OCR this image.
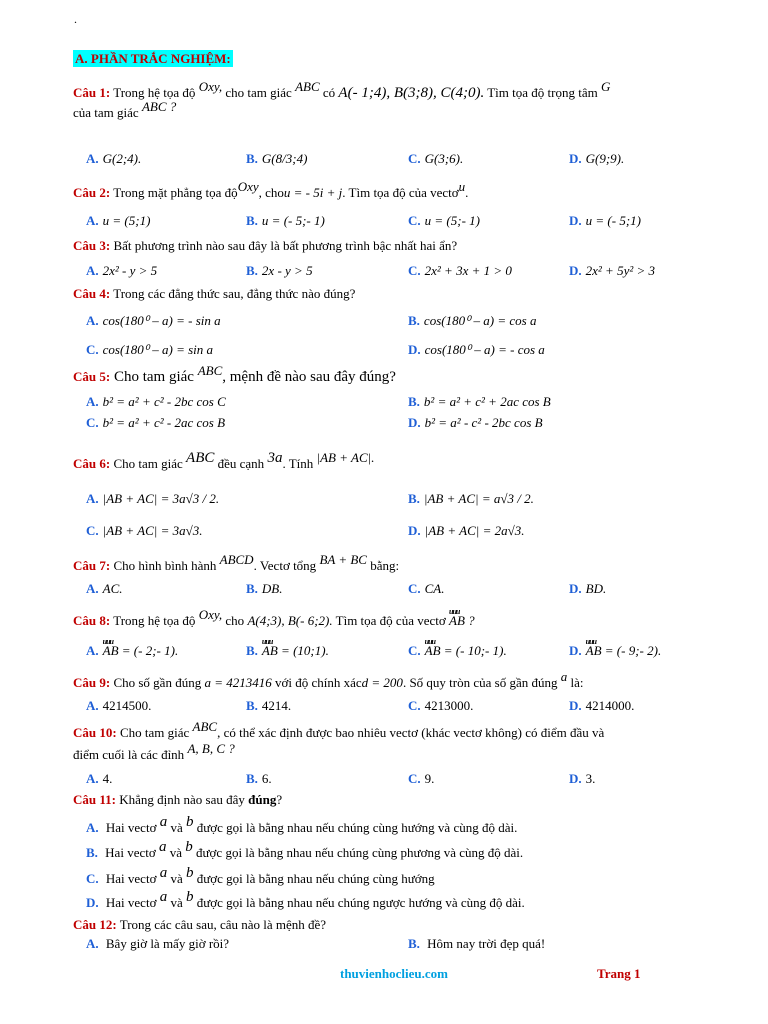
.
A. PHẦN TRẮC NGHIỆM:
Câu 1: Trong hệ tọa độ Oxy, cho tam giác ABC có A(- 1;4), B(3;8), C(4;0). Tìm tọa độ trọng tâm G
của tam giác ABC ?
A. G(2;4).	B. G(8/3;4)	C. G(3;6).	D. G(9;9).
Câu 2: Trong mặt phẳng tọa độOxy, chou = - 5i + j. Tìm tọa độ của vectơu.
A. u = (5;1)	B. u = (- 5;- 1)	C. u = (5;- 1)	D. u = (- 5;1)
Câu 3: Bất phương trình nào sau đây là bất phương trình bậc nhất hai ẩn?
A. 2x² - y > 5	B. 2x - y > 5	C. 2x² + 3x + 1 > 0	D. 2x² + 5y² > 3
Câu 4: Trong các đẳng thức sau, đẳng thức nào đúng?
A. cos(180⁰ – a) = - sin a	B. cos(180⁰ – a) = cos a
C. cos(180⁰ – a) = sin a	D. cos(180⁰ – a) = - cos a
Câu 5: Cho tam giác ABC, mệnh đề nào sau đây đúng?
A. b² = a² + c² - 2bc cos C	B. b² = a² + c² + 2ac cos B
C. b² = a² + c² - 2ac cos B	D. b² = a² - c² - 2bc cos B
Câu 6: Cho tam giác ABC đều cạnh 3a. Tính |AB + AC|.
A. |AB + AC| = 3a√3 / 2.	B. |AB + AC| = a√3 / 2.
C. |AB + AC| = 3a√3.	D. |AB + AC| = 2a√3.
Câu 7: Cho hình bình hành ABCD. Vectơ tổng BA + BC bằng:
A. AC.	B. DB.	C. CA.	D. BD.
Câu 8: Trong hệ tọa độ Oxy, cho A(4;3), B(- 6;2). Tìm tọa độ của vectơ uuu AB ?
A. uuu AB = (- 2;- 1).	B. uuu AB = (10;1).	C. uuu AB = (- 10;- 1).	D. uuu AB = (- 9;- 2).
Câu 9: Cho số gần đúng a = 4213416 với độ chính xácd = 200. Số quy tròn của số gần đúng a là:
A. 4214500.	B. 4214.	C. 4213000.	D. 4214000.
Câu 10: Cho tam giác ABC, có thể xác định được bao nhiêu vectơ (khác vectơ không) có điểm đầu và
điểm cuối là các đỉnh A, B, C ?
A. 4.	B. 6.	C. 9.	D. 3.
Câu 11: Khẳng định nào sau đây đúng?
A. Hai vectơ a và b được gọi là bằng nhau nếu chúng cùng hướng và cùng độ dài.
B. Hai vectơ a và b được gọi là bằng nhau nếu chúng cùng phương và cùng độ dài.
C. Hai vectơ a và b được gọi là bằng nhau nếu chúng cùng hướng
D. Hai vectơ a và b được gọi là bằng nhau nếu chúng ngược hướng và cùng độ dài.
Câu 12: Trong các câu sau, câu nào là mệnh đề?
A. Bây giờ là mấy giờ rồi?	B. Hôm nay trời đẹp quá!
thuvienhoclieu.com	Trang 1
